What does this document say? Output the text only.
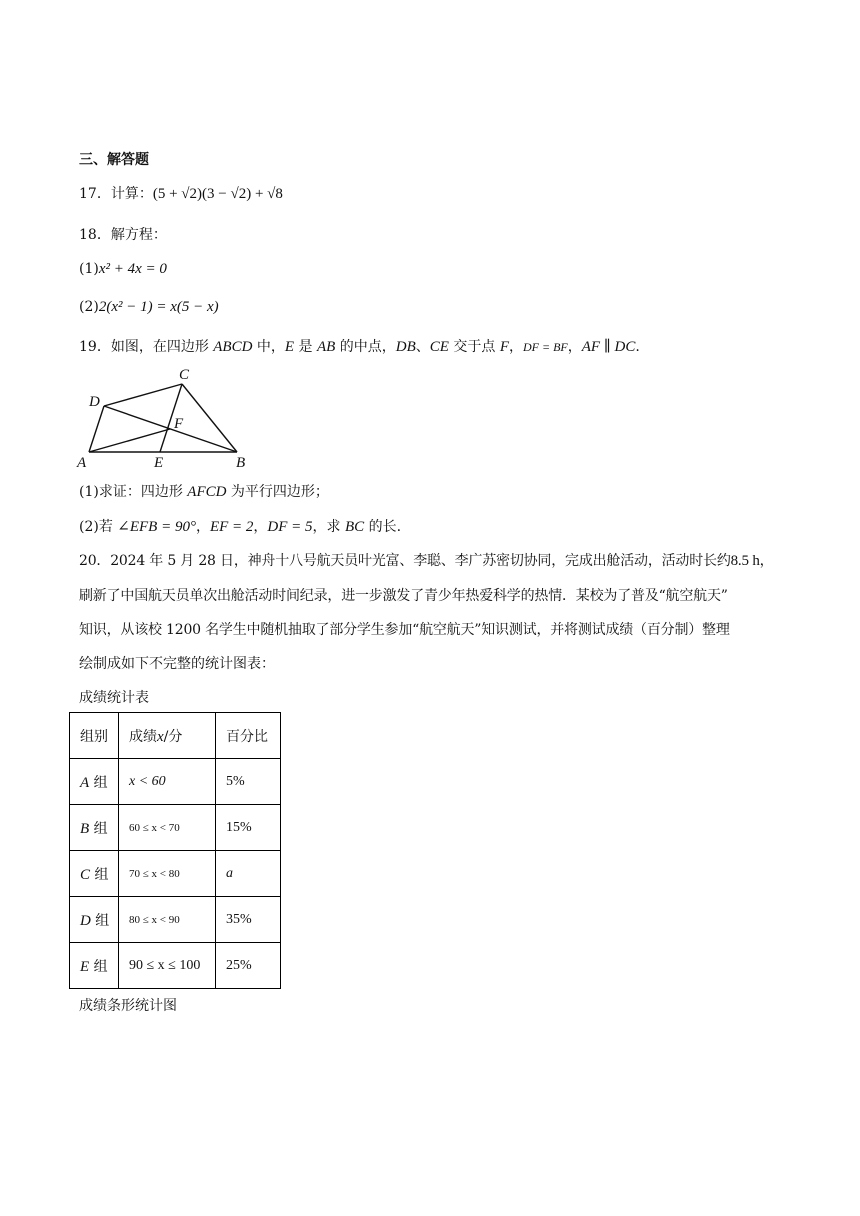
三、解答题
17．计算：(5 + √2)(3 − √2) + √8
18．解方程：
(1)x² + 4x = 0
(2)2(x² − 1) = x(5 − x)
19．如图，在四边形 ABCD 中，E 是 AB 的中点，DB、CE 交于点 F，DF = BF，AF ∥ DC.
A	B
C
D
E
F
(1)求证：四边形 AFCD 为平行四边形；
(2)若 ∠EFB = 90°，EF = 2，DF = 5，求 BC 的长.
20．2024 年 5 月 28 日，神舟十八号航天员叶光富、李聪、李广苏密切协同，完成出舱活动，活动时长约8.5 h，
刷新了中国航天员单次出舱活动时间纪录，进一步激发了青少年热爱科学的热情．某校为了普及“航空航天”
知识，从该校 1200 名学生中随机抽取了部分学生参加“航空航天”知识测试，并将测试成绩（百分制）整理
绘制成如下不完整的统计图表：
成绩统计表
组别	成绩x/分	百分比
A 组	x < 60	5%
B 组	60 ≤ x < 70	15%
C 组	70 ≤ x < 80	a
D 组	80 ≤ x < 90	35%
E 组	90 ≤ x ≤ 100	25%
成绩条形统计图
